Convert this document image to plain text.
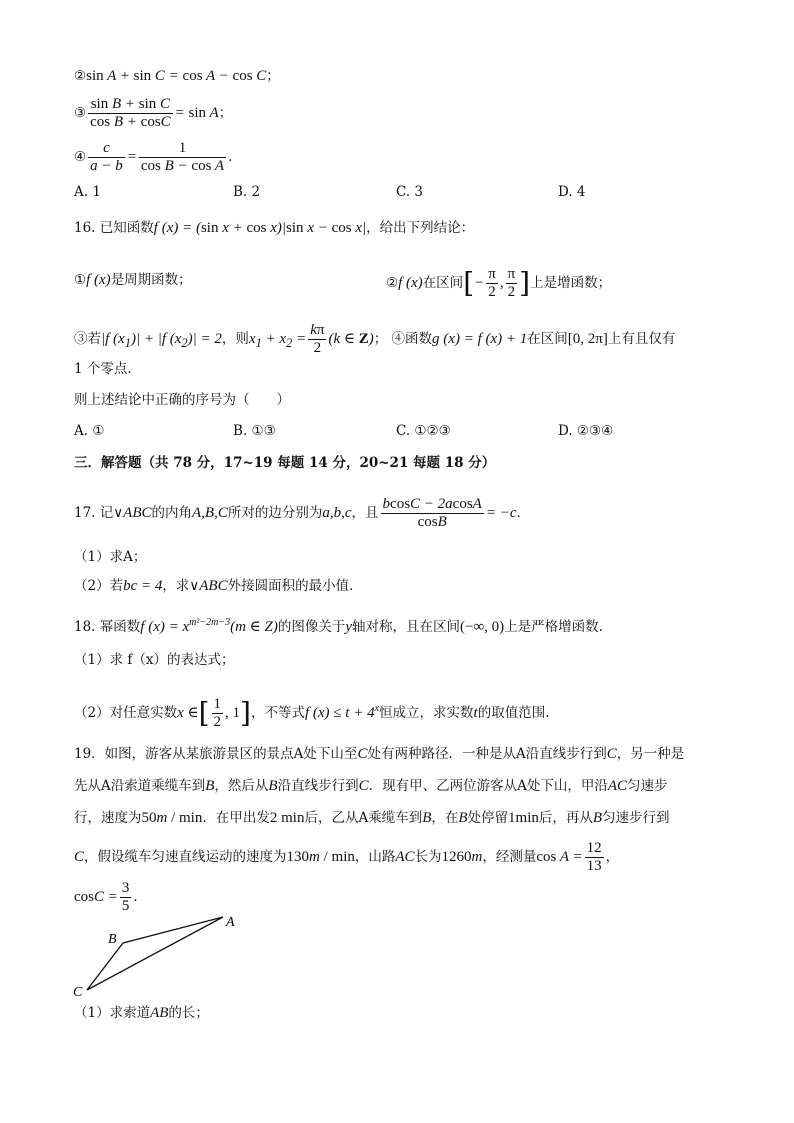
②sin A + sin C = cos A − cos C；
③ $\frac{\text{sin B + sin C}}{\text{cos B + cosC}} = \sin A$；
④ $\frac{c}{a - b} = \frac{1}{\text{cos B − cos A}}$ .
A. 1	B. 2	C. 3	D. 4
16. 已知函数f (x) = (sin x + cos x)|sin x − cos x|，给出下列结论：
①f (x)是周期函数；	②f (x)在区间[− $\frac{\pi}{2}$ , $\frac{\pi}{2}$ ]上是增函数；
③若|f $(x_1)| + |f$ $(x_2)| = 2$，则$x_1 + x_2 = \frac{k\pi}{2} (k$ ∈ Z)； ④函数g (x) = f (x) + 1在区间[0, 2π]上有且仅有
1 个零点．
则上述结论中正确的序号为（　　）
A. ①	B. ①③	C. ①②③	D. ②③④
三．解答题（共 78 分，17~19 每题 14 分，20~21 每题 18 分）
17. 记∨ABC的内角A,B,C所对的边分别为a,b,c，且 $\frac{bcosC - 2acosA}{\cos B} = -c$．
（1）求A；
（2）若bc = 4，求∨ABC外接圆面积的最小值．
18. 幂函数f $(x) = x^{m^2-2m-3}(m$ ∈ Z)的图像关于y轴对称，且在区间(−∞, 0)上是严格增函数.
（1）求 f（x）的表达式；
（2）对任意实数x ∈[ $\frac{1}{2}$ , 1]，不等式f $(x) \le t + 4^x$恒成立，求实数t的取值范围.
19．如图，游客从某旅游景区的景点A处下山至C处有两种路径．一种是从A沿直线步行到C，另一种是
先从A沿索道乘缆车到B，然后从B沿直线步行到C．现有甲、乙两位游客从A处下山，甲沿AC匀速步
行，速度为50m / min．在甲出发2 min后，乙从A乘缆车到B，在B处停留1min后，再从B匀速步行到
C，假设缆车匀速直线运动的速度为130m / min，山路AC长为1260m，经测量$\cos A = \frac{12}{13}$ ，
$\cos C = \frac{3}{5}$ ．
A
B
C
（1）求索道AB的长；
